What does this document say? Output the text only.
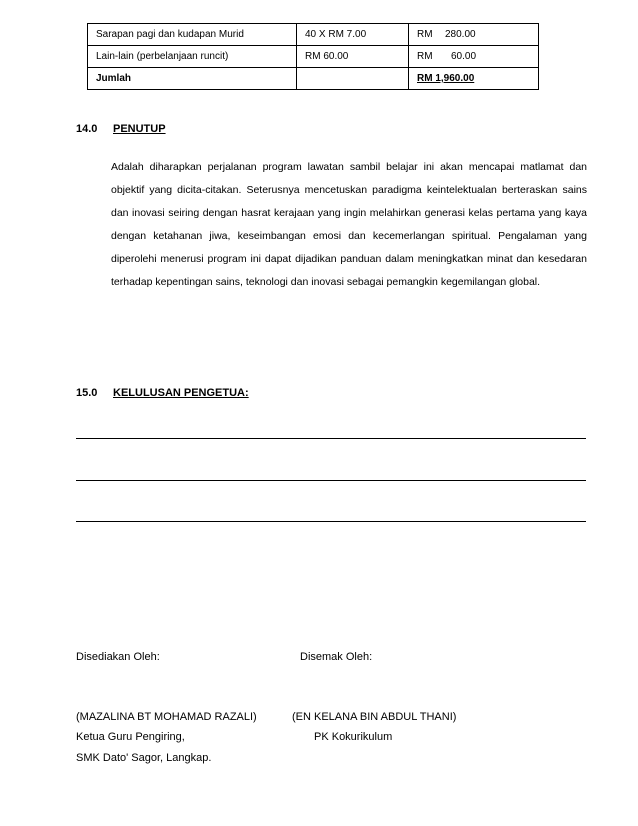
Sarapan pagi dan kudapan Murid	40 X RM 7.00	RM 280.00
Lain-lain (perbelanjaan runcit)	RM 60.00	RM 60.00
Jumlah		RM 1,960.00
14.0 PENUTUP

Adalah diharapkan perjalanan program lawatan sambil belajar ini akan mencapai matlamat dan objektif yang dicita-citakan. Seterusnya mencetuskan paradigma keintelektualan berteraskan sains dan inovasi seiring dengan hasrat kerajaan yang ingin melahirkan generasi kelas pertama yang kaya dengan ketahanan jiwa, keseimbangan emosi dan kecemerlangan spiritual. Pengalaman yang diperolehi menerusi program ini dapat dijadikan panduan dalam meningkatkan minat dan kesedaran terhadap kepentingan sains, teknologi dan inovasi sebagai pemangkin kegemilangan global.

15.0 KELULUSAN PENGETUA:
Disediakan Oleh:	Disemak Oleh:
(MAZALINA BT MOHAMAD RAZALI)	(EN KELANA BIN ABDUL THANI)
Ketua Guru Pengiring,	PK Kokurikulum
SMK Dato' Sagor, Langkap.
